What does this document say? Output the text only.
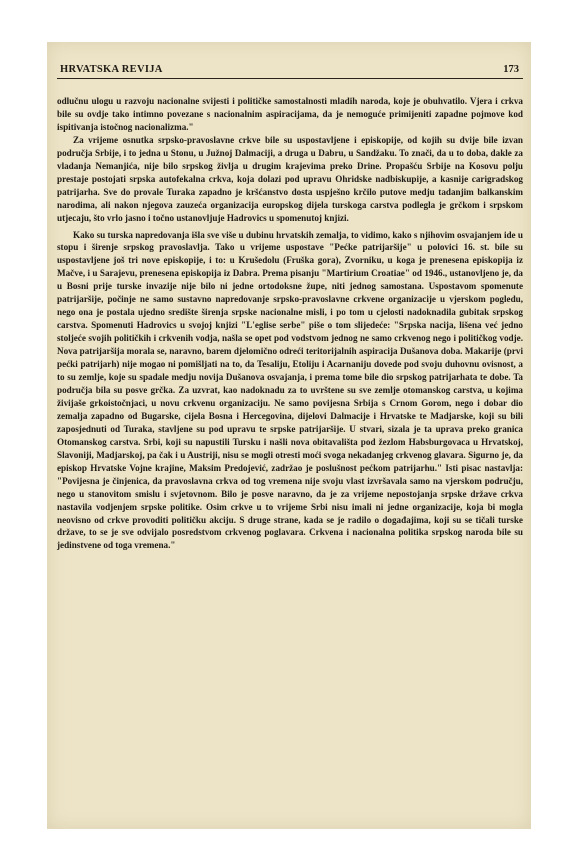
HRVATSKA REVIJA	173

odlučnu ulogu u razvoju nacionalne svijesti i političke samostalnosti mladih naroda, koje je obuhvatilo. Vjera i crkva bile su ovdje tako intimno povezane s nacionalnim aspiracijama, da je nemoguće primijeniti zapadne pojmove kod ispitivanja istočnog nacionalizma."

Za vrijeme osnutka srpsko-pravoslavne crkve bile su uspostavljene i episkopije, od kojih su dvije bile izvan područja Srbije, i to jedna u Stonu, u Južnoj Dalmaciji, a druga u Dabru, u Sandžaku. To znači, da u to doba, dakle za vladanja Nemanjića, nije bilo srpskog življa u drugim krajevima preko Drine. Propašću Srbije na Kosovu polju prestaje postojati srpska autofekalna crkva, koja dolazi pod upravu Ohridske nadbiskupije, a kasnije carigradskog patrijarha. Sve do provale Turaka zapadno je kršćanstvo dosta uspješno krčilo putove medju tadanjim balkanskim narodima, ali nakon njegova zauzeća organizacija europskog dijela turskoga carstva podlegla je grčkom i srpskom utjecaju, što vrlo jasno i točno ustanovljuje Hadrovics u spomenutoj knjizi.

Kako su turska napredovanja išla sve više u dubinu hrvatskih zemalja, to vidimo, kako s njihovim osvajanjem ide u stopu i širenje srpskog pravoslavlja. Tako u vrijeme uspostave "Pećke patrijaršije" u polovici 16. st. bile su uspostavljene još tri nove episkopije, i to: u Krušedolu (Fruška gora), Zvorniku, u koga je prenesena episkopija iz Mačve, i u Sarajevu, prenesena episkopija iz Dabra. Prema pisanju "Martirium Croatiae" od 1946., ustanovljeno je, da u Bosni prije turske invazije nije bilo ni jedne ortodoksne župe, niti jednog samostana. Uspostavom spomenute patrijaršije, počinje ne samo sustavno napredovanje srpsko-pravoslavne crkvene organizacije u vjerskom pogledu, nego ona je postala ujedno središte širenja srpske nacionalne misli, i po tom u cjelosti nadoknadila gubitak srpskog carstva. Spomenuti Hadrovics u svojoj knjizi "L'eglise serbe" piše o tom slijedeće: "Srpska nacija, lišena već jedno stoljeće svojih političkih i crkvenih vodja, našla se opet pod vodstvom jednog ne samo crkvenog nego i političkog vodje. Nova patrijaršija morala se, naravno, barem djelomično odreći teritorijalnih aspiracija Dušanova doba. Makarije (prvi pećki patrijarh) nije mogao ni pomišljati na to, da Tesaliju, Etoliju i Acarnaniju dovede pod svoju duhovnu ovisnost, a to su zemlje, koje su spadale medju novija Dušanova osvajanja, i prema tome bile dio srpskog patrijarhata te dobe. Ta područja bila su posve grčka. Za uzvrat, kao nadoknadu za to uvrštene su sve zemlje otomanskog carstva, u kojima živijaše grkoistočnjaci, u novu crkvenu organizaciju. Ne samo povijesna Srbija s Crnom Gorom, nego i dobar dio zemalja zapadno od Bugarske, cijela Bosna i Hercegovina, dijelovi Dalmacije i Hrvatske te Madjarske, koji su bili zaposjednuti od Turaka, stavljene su pod upravu te srpske patrijaršije. U stvari, sizala je ta uprava preko granica Otomanskog carstva. Srbi, koji su napustili Tursku i našli nova obitavališta pod žezlom Habsburgovaca u Hrvatskoj, Slavoniji, Madjarskoj, pa čak i u Austriji, nisu se mogli otresti moći svoga nekadanjeg crkvenog glavara. Sigurno je, da episkop Hrvatske Vojne krajine, Maksim Predojević, zadržao je poslušnost pećkom patrijarhu." Isti pisac nastavlja: "Povijesna je činjenica, da pravoslavna crkva od tog vremena nije svoju vlast izvršavala samo na vjerskom području, nego u stanovitom smislu i svjetovnom. Bilo je posve naravno, da je za vrijeme nepostojanja srpske države crkva nastavila vodjenjem srpske politike. Osim crkve u to vrijeme Srbi nisu imali ni jedne organizacije, koja bi mogla neovisno od crkve provoditi političku akciju. S druge strane, kada se je radilo o događajima, koji su se tičali turske države, to se je sve odvijalo posredstvom crkvenog poglavara. Crkvena i nacionalna politika srpskog naroda bile su jedinstvene od toga vremena."
